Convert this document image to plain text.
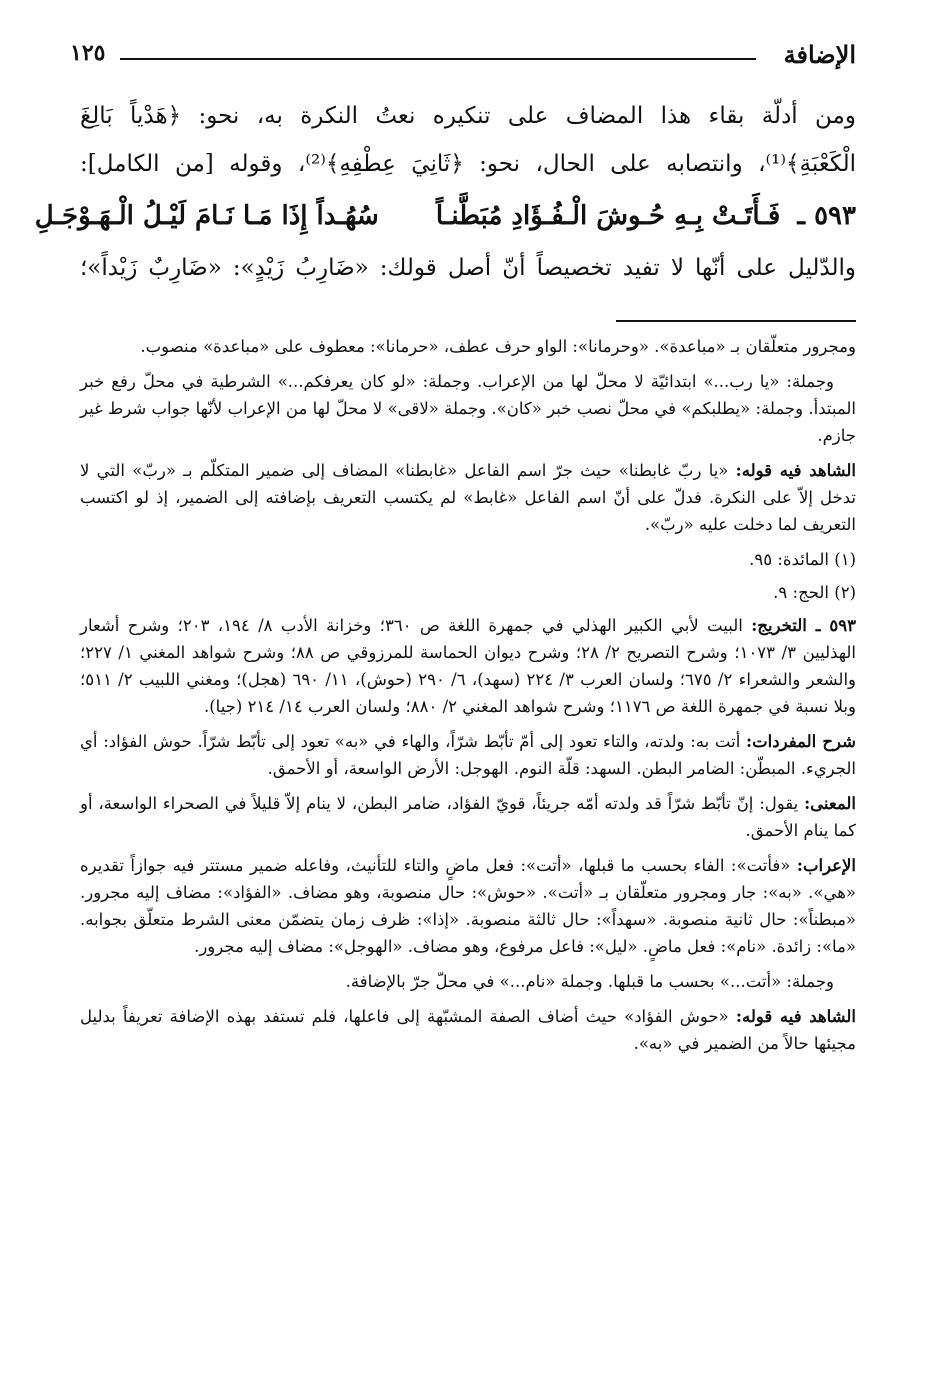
الإضافة
١٢٥
ومن أدلّة بقاء هذا المضاف على تنكيره نعتُ النكرة به، نحو: ﴿هَدْياً بَالِغَ
الْكَعْبَةِ﴾⁽¹⁾، وانتصابه على الحال، نحو: ﴿ثَانِيَ عِطْفِهِ﴾⁽²⁾، وقوله [من الكامل]:
٥٩٣ ـ فَـأَتَـتْ بِـهِ حُـوشَ الْـفُـؤَادِ مُبَطَّنـاً سُهُـداً إِذَا مَـا نَـامَ لَيْـلُ الْـهَـوْجَـلِ
والدّليل على أنّها لا تفيد تخصيصاً أنّ أصل قولك: «ضَارِبُ زَيْدٍ»: «ضَارِبٌ زَيْداً»؛

ومجرور متعلّقان بـ «مباعدة». «وحرمانا»: الواو حرف عطف، «حرمانا»: معطوف على «مباعدة» منصوب.

وجملة: «يا رب...» ابتدائيّة لا محلّ لها من الإعراب. وجملة: «لو كان يعرفكم...» الشرطية في محلّ رفع خبر المبتدأ. وجملة: «يطلبكم» في محلّ نصب خبر «كان». وجملة «لاقى» لا محلّ لها من الإعراب لأنّها جواب شرط غير جازم.

الشاهد فيه قوله: «يا ربّ غابطنا» حيث جرّ اسم الفاعل «غابطنا» المضاف إلى ضمير المتكلّم بـ «ربّ» التي لا تدخل إلاّ على النكرة. فدلّ على أنّ اسم الفاعل «غابط» لم يكتسب التعريف بإضافته إلى الضمير، إذ لو اكتسب التعريف لما دخلت عليه «ربّ».

(١) المائدة: ٩٥.

(٢) الحج: ٩.

٥٩٣ ـ التخريج: البيت لأبي الكبير الهذلي في جمهرة اللغة ص ٣٦٠؛ وخزانة الأدب ٨/ ١٩٤، ٢٠٣؛ وشرح أشعار الهذليين ٣/ ١٠٧٣؛ وشرح التصريح ٢/ ٢٨؛ وشرح ديوان الحماسة للمرزوقي ص ٨٨؛ وشرح شواهد المغني ١/ ٢٢٧؛ والشعر والشعراء ٢/ ٦٧٥؛ ولسان العرب ٣/ ٢٢٤ (سهد)، ٦/ ٢٩٠ (حوش)، ١١/ ٦٩٠ (هجل)؛ ومغني اللبيب ٢/ ٥١١؛ وبلا نسبة في جمهرة اللغة ص ١١٧٦؛ وشرح شواهد المغني ٢/ ٨٨٠؛ ولسان العرب ١٤/ ٢١٤ (جيا).

شرح المفردات: أتت به: ولدته، والتاء تعود إلى أمّ تأبّط شرّاً، والهاء في «به» تعود إلى تأبّط شرّاً. حوش الفؤاد: أي الجريء. المبطّن: الضامر البطن. السهد: قلّة النوم. الهوجل: الأرض الواسعة، أو الأحمق.

المعنى: يقول: إنّ تأبّط شرّاً قد ولدته أمّه جريئاً، قويّ الفؤاد، ضامر البطن، لا ينام إلاّ قليلاً في الصحراء الواسعة، أو كما ينام الأحمق.

الإعراب: «فأتت»: الفاء بحسب ما قبلها، «أتت»: فعل ماضٍ والتاء للتأنيث، وفاعله ضمير مستتر فيه جوازاً تقديره «هي». «به»: جار ومجرور متعلّقان بـ «أتت». «حوش»: حال منصوبة، وهو مضاف. «الفؤاد»: مضاف إليه مجرور. «مبطناً»: حال ثانية منصوبة. «سهداً»: حال ثالثة منصوبة. «إذا»: ظرف زمان يتضمّن معنى الشرط متعلّق بجوابه. «ما»: زائدة. «نام»: فعل ماضٍ. «ليل»: فاعل مرفوع، وهو مضاف. «الهوجل»: مضاف إليه مجرور.

وجملة: «أتت...» بحسب ما قبلها. وجملة «نام...» في محلّ جرّ بالإضافة.

الشاهد فيه قوله: «حوش الفؤاد» حيث أضاف الصفة المشبّهة إلى فاعلها، فلم تستفد بهذه الإضافة تعريفاً بدليل مجيئها حالاً من الضمير في «به».
